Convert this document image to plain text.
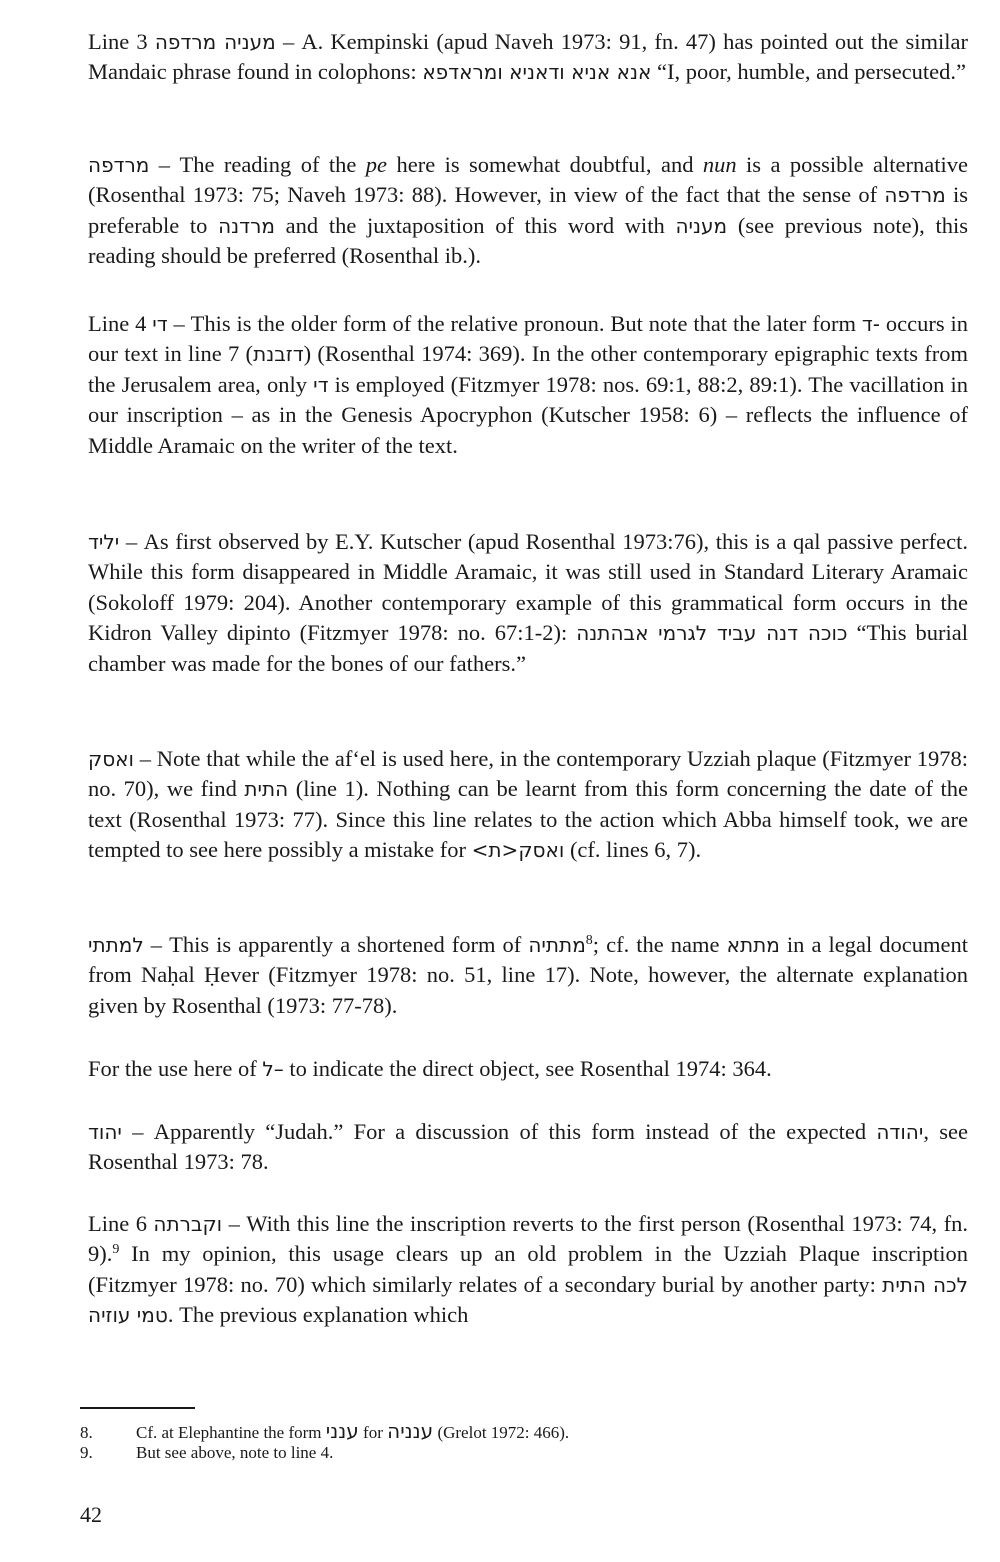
Line 3 מעניה מרדפה – A. Kempinski (apud Naveh 1973: 91, fn. 47) has pointed out the similar Mandaic phrase found in colophons: אנא אניא ודאניא ומראדפא “I, poor, humble, and persecuted.”

מרדפה – The reading of the pe here is somewhat doubtful, and nun is a possible alternative (Rosenthal 1973: 75; Naveh 1973: 88). However, in view of the fact that the sense of מרדפה is preferable to מרדנה and the juxtaposition of this word with מעניה (see previous note), this reading should be preferred (Rosenthal ib.).

Line 4 די – This is the older form of the relative pronoun. But note that the later form -ד occurs in our text in line 7 (דזבנת) (Rosenthal 1974: 369). In the other contemporary epigraphic texts from the Jerusalem area, only די is employed (Fitzmyer 1978: nos. 69:1, 88:2, 89:1). The vacillation in our inscription – as in the Genesis Apocryphon (Kutscher 1958: 6) – reflects the influence of Middle Aramaic on the writer of the text.

יליד – As first observed by E.Y. Kutscher (apud Rosenthal 1973:76), this is a qal passive perfect. While this form disappeared in Middle Aramaic, it was still used in Standard Literary Aramaic (Sokoloff 1979: 204). Another contemporary example of this grammatical form occurs in the Kidron Valley dipinto (Fitzmyer 1978: no. 67:1-2): כוכה דנה עביד לגרמי אבהתנה “This burial chamber was made for the bones of our fathers.”

ואסק – Note that while the af‘el is used here, in the contemporary Uzziah plaque (Fitzmyer 1978: no. 70), we find התית (line 1). Nothing can be learnt from this form concerning the date of the text (Rosenthal 1973: 77). Since this line relates to the action which Abba himself took, we are tempted to see here possibly a mistake for ואסק<ת> (cf. lines 6, 7).

למתתי – This is apparently a shortened form of מתתיה$^8$; cf. the name מתתא in a legal document from Naḥal Ḥever (Fitzmyer 1978: no. 51, line 17). Note, however, the alternate explanation given by Rosenthal (1973: 77-78).

For the use here of –ל to indicate the direct object, see Rosenthal 1974: 364.

יהוד – Apparently “Judah.” For a discussion of this form instead of the expected יהודה, see Rosenthal 1973: 78.

Line 6 וקברתה – With this line the inscription reverts to the first person (Rosenthal 1973: 74, fn. 9).$^9$ In my opinion, this usage clears up an old problem in the Uzziah Plaque inscription (Fitzmyer 1978: no. 70) which similarly relates of a secondary burial by another party: לכה התית טמי עוזיה. The previous explanation which

8.	Cf. at Elephantine the form ענני for ענניה (Grelot 1972: 466).
9.	But see above, note to line 4.
42
